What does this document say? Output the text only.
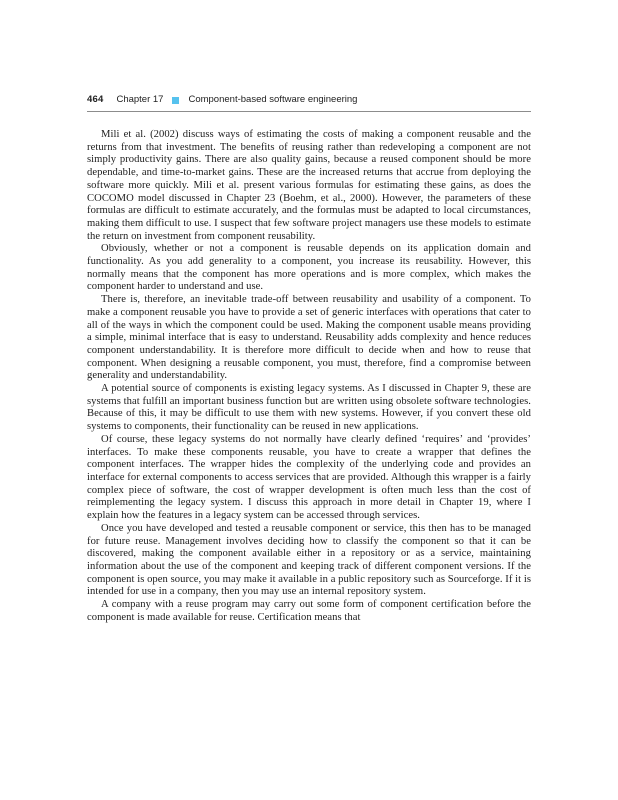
464 Chapter 17	Component-based software engineering

Mili et al. (2002) discuss ways of estimating the costs of making a component reusable and the returns from that investment. The benefits of reusing rather than redeveloping a component are not simply productivity gains. There are also quality gains, because a reused component should be more dependable, and time-to-market gains. These are the increased returns that accrue from deploying the software more quickly. Mili et al. present various formulas for estimating these gains, as does the COCOMO model discussed in Chapter 23 (Boehm, et al., 2000). However, the parameters of these formulas are difficult to estimate accurately, and the formulas must be adapted to local circumstances, making them difficult to use. I suspect that few software project managers use these models to estimate the return on investment from component reusability.

Obviously, whether or not a component is reusable depends on its application domain and functionality. As you add generality to a component, you increase its reusability. However, this normally means that the component has more operations and is more complex, which makes the component harder to understand and use.

There is, therefore, an inevitable trade-off between reusability and usability of a component. To make a component reusable you have to provide a set of generic interfaces with operations that cater to all of the ways in which the component could be used. Making the component usable means providing a simple, minimal interface that is easy to understand. Reusability adds complexity and hence reduces component understandability. It is therefore more difficult to decide when and how to reuse that component. When designing a reusable component, you must, therefore, find a compromise between generality and understandability.

A potential source of components is existing legacy systems. As I discussed in Chapter 9, these are systems that fulfill an important business function but are written using obsolete software technologies. Because of this, it may be difficult to use them with new systems. However, if you convert these old systems to components, their functionality can be reused in new applications.

Of course, these legacy systems do not normally have clearly defined ‘requires’ and ‘provides’ interfaces. To make these components reusable, you have to create a wrapper that defines the component interfaces. The wrapper hides the complexity of the underlying code and provides an interface for external components to access services that are provided. Although this wrapper is a fairly complex piece of software, the cost of wrapper development is often much less than the cost of reimplementing the legacy system. I discuss this approach in more detail in Chapter 19, where I explain how the features in a legacy system can be accessed through services.

Once you have developed and tested a reusable component or service, this then has to be managed for future reuse. Management involves deciding how to classify the component so that it can be discovered, making the component available either in a repository or as a service, maintaining information about the use of the component and keeping track of different component versions. If the component is open source, you may make it available in a public repository such as Sourceforge. If it is intended for use in a company, then you may use an internal repository system.

A company with a reuse program may carry out some form of component certification before the component is made available for reuse. Certification means that
